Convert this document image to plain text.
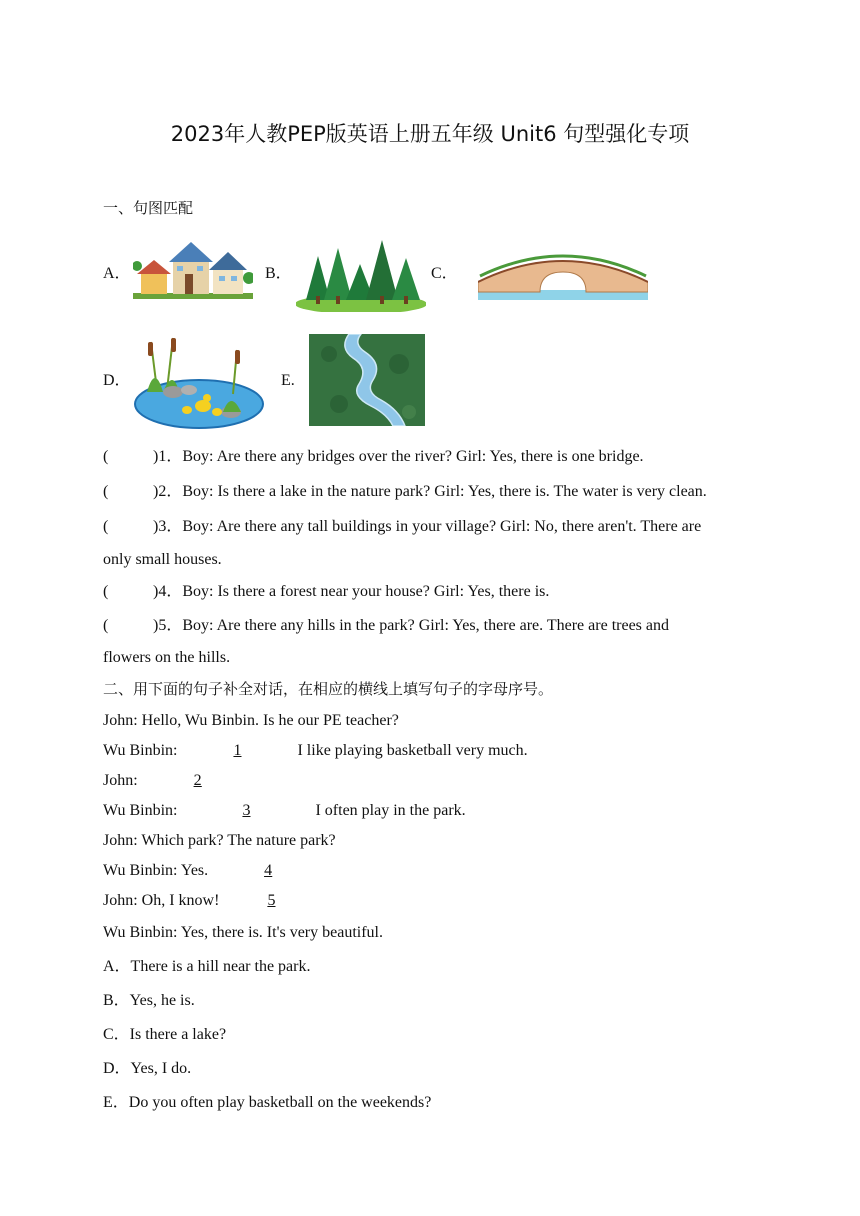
2023年人教PEP版英语上册五年级 Unit6 句型强化专项
一、句图匹配
A．	B．	C．
D．	E.
(	)1．Boy: Are there any bridges over the river? Girl: Yes, there is one bridge.
(	)2．Boy: Is there a lake in the nature park? Girl: Yes, there is. The water is very clean.
(	)3．Boy: Are there any tall buildings in your village? Girl: No, there aren't. There are
only small houses.
(	)4．Boy: Is there a forest near your house? Girl: Yes, there is.
(	)5．Boy: Are there any hills in the park? Girl: Yes, there are. There are trees and
flowers on the hills.
二、用下面的句子补全对话，在相应的横线上填写句子的字母序号。
John: Hello, Wu Binbin. Is he our PE teacher?
Wu Binbin:	1	I like playing basketball very much.
John:	2
Wu Binbin:	3	I often play in the park.
John: Which park? The nature park?
Wu Binbin: Yes.	4
John: Oh, I know!	5
Wu Binbin: Yes, there is. It's very beautiful.
A．There is a hill near the park.
B．Yes, he is.
C．Is there a lake?
D．Yes, I do.
E．Do you often play basketball on the weekends?
